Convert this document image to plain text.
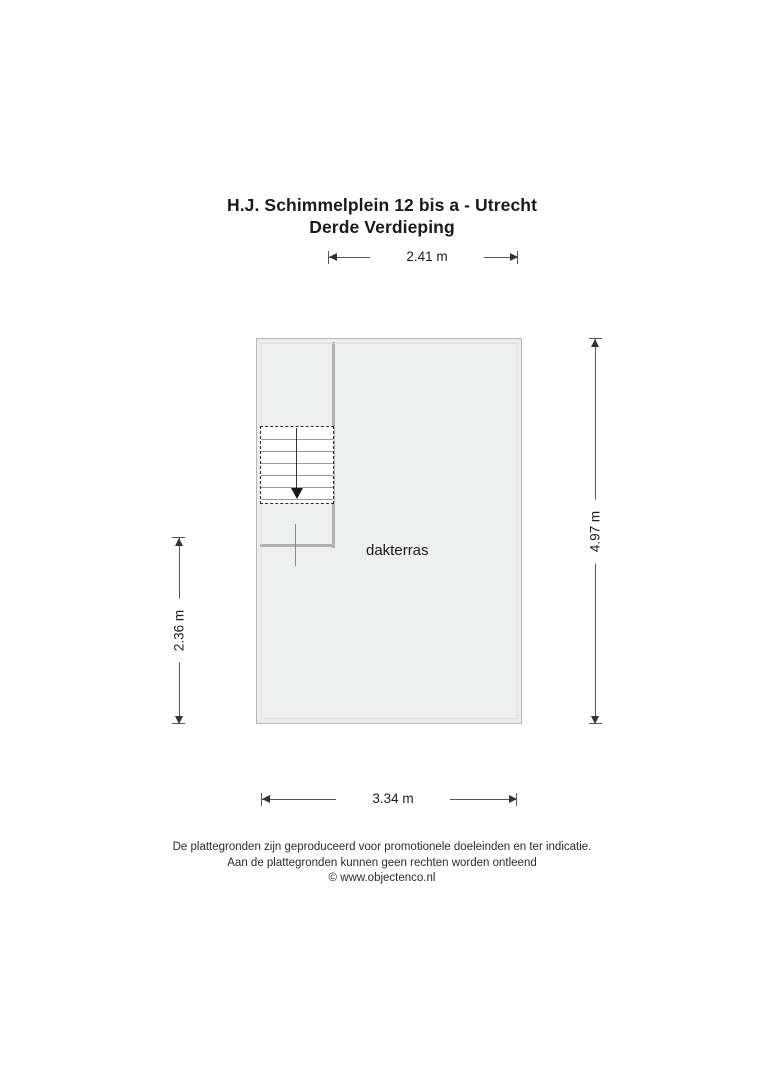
H.J. Schimmelplein 12 bis a - Utrecht
Derde Verdieping
2.41 m
dakterras	4.97 m
2.36 m
3.34 m
De plattegronden zijn geproduceerd voor promotionele doeleinden en ter indicatie.
Aan de plattegronden kunnen geen rechten worden ontleend
© www.objectenco.nl
